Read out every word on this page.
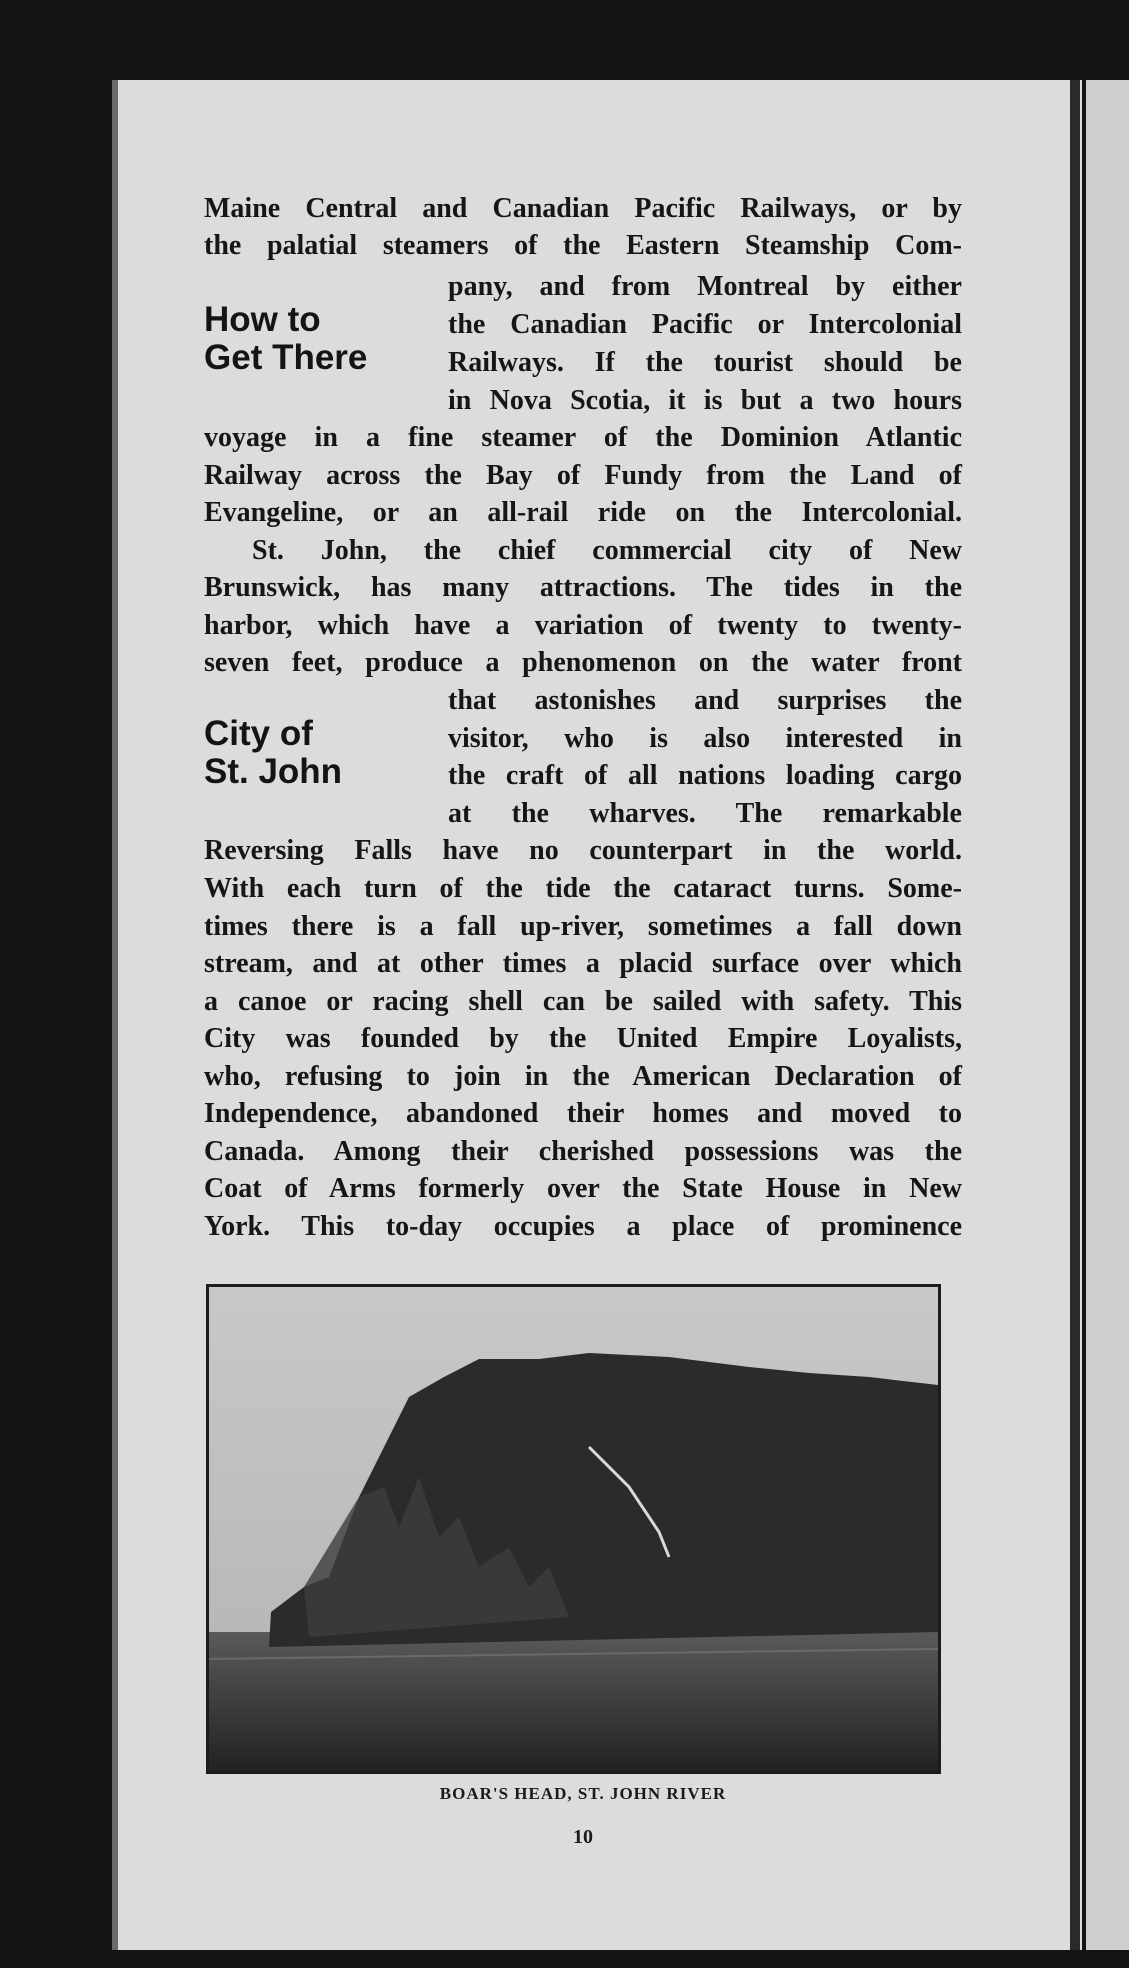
Maine Central and Canadian Pacific Railways, or by
the palatial steamers of the Eastern Steamship Com-
pany, and from Montreal by either
the Canadian Pacific or Intercolonial
Railways. If the tourist should be
in Nova Scotia, it is but a two hours
voyage in a fine steamer of the Dominion Atlantic
Railway across the Bay of Fundy from the Land of
Evangeline, or an all-rail ride on the Intercolonial.
St. John, the chief commercial city of New
Brunswick, has many attractions. The tides in the
harbor, which have a variation of twenty to twenty-
seven feet, produce a phenomenon on the water front
that astonishes and surprises the
visitor, who is also interested in
the craft of all nations loading cargo
at the wharves. The remarkable
Reversing Falls have no counterpart in the world.
With each turn of the tide the cataract turns. Some-
times there is a fall up-river, sometimes a fall down
stream, and at other times a placid surface over which
a canoe or racing shell can be sailed with safety. This
City was founded by the United Empire Loyalists,
who, refusing to join in the American Declaration of
Independence, abandoned their homes and moved to
Canada. Among their cherished possessions was the
Coat of Arms formerly over the State House in New
York. This to-day occupies a place of prominence
How to
Get There
City of
St. John
BOAR'S HEAD, ST. JOHN RIVER
10
